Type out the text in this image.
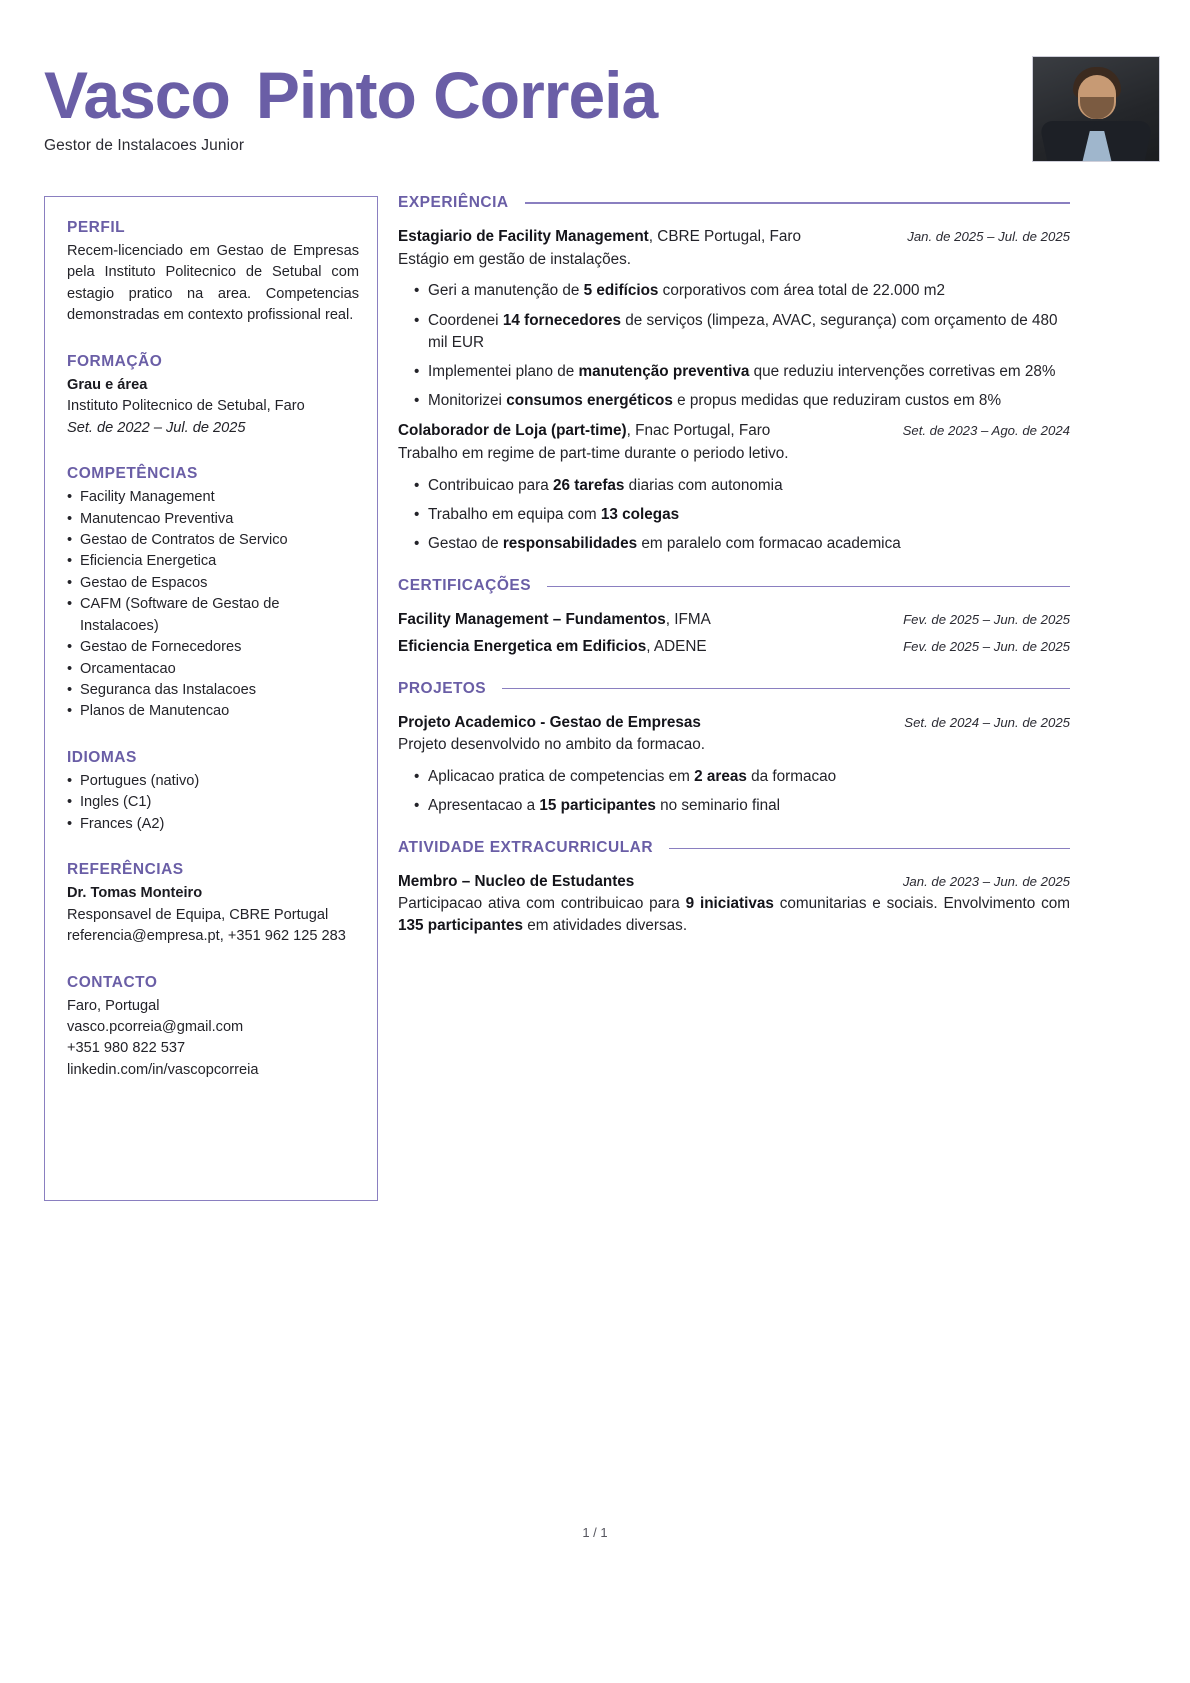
Vasco Pinto Correia
Gestor de Instalacoes Junior
PERFIL
Recem-licenciado em Gestao de Empresas pela Instituto Politecnico de Setubal com estagio pratico na area. Competencias demonstradas em contexto profissional real.
FORMAÇÃO
Grau e área
Instituto Politecnico de Setubal, Faro
Set. de 2022 – Jul. de 2025
COMPETÊNCIAS
• Facility Management
• Manutencao Preventiva
• Gestao de Contratos de Servico
• Eficiencia Energetica
• Gestao de Espacos
• CAFM (Software de Gestao de Instalacoes)
• Gestao de Fornecedores
• Orcamentacao
• Seguranca das Instalacoes
• Planos de Manutencao
IDIOMAS
• Portugues (nativo)
• Ingles (C1)
• Frances (A2)
REFERÊNCIAS
Dr. Tomas Monteiro
Responsavel de Equipa, CBRE Portugal
referencia@empresa.pt, +351 962 125 283
CONTACTO
Faro, Portugal
vasco.pcorreia@gmail.com
+351 980 822 537
linkedin.com/in/vascopcorreia
EXPERIÊNCIA
Estagiario de Facility Management, CBRE Portugal, Faro	Jan. de 2025 – Jul. de 2025
Estágio em gestão de instalações.
• Geri a manutenção de 5 edifícios corporativos com área total de 22.000 m2
• Coordenei 14 fornecedores de serviços (limpeza, AVAC, segurança) com orçamento de 480 mil EUR
• Implementei plano de manutenção preventiva que reduziu intervenções corretivas em 28%
• Monitorizei consumos energéticos e propus medidas que reduziram custos em 8%
Colaborador de Loja (part-time), Fnac Portugal, Faro	Set. de 2023 – Ago. de 2024
Trabalho em regime de part-time durante o periodo letivo.
• Contribuicao para 26 tarefas diarias com autonomia
• Trabalho em equipa com 13 colegas
• Gestao de responsabilidades em paralelo com formacao academica
CERTIFICAÇÕES
Facility Management – Fundamentos, IFMA	Fev. de 2025 – Jun. de 2025
Eficiencia Energetica em Edificios, ADENE	Fev. de 2025 – Jun. de 2025
PROJETOS
Projeto Academico - Gestao de Empresas	Set. de 2024 – Jun. de 2025
Projeto desenvolvido no ambito da formacao.
• Aplicacao pratica de competencias em 2 areas da formacao
• Apresentacao a 15 participantes no seminario final
ATIVIDADE EXTRACURRICULAR
Membro – Nucleo de Estudantes	Jan. de 2023 – Jun. de 2025
Participacao ativa com contribuicao para 9 iniciativas comunitarias e sociais. Envolvimento com 135 participantes em atividades diversas.
1 / 1
